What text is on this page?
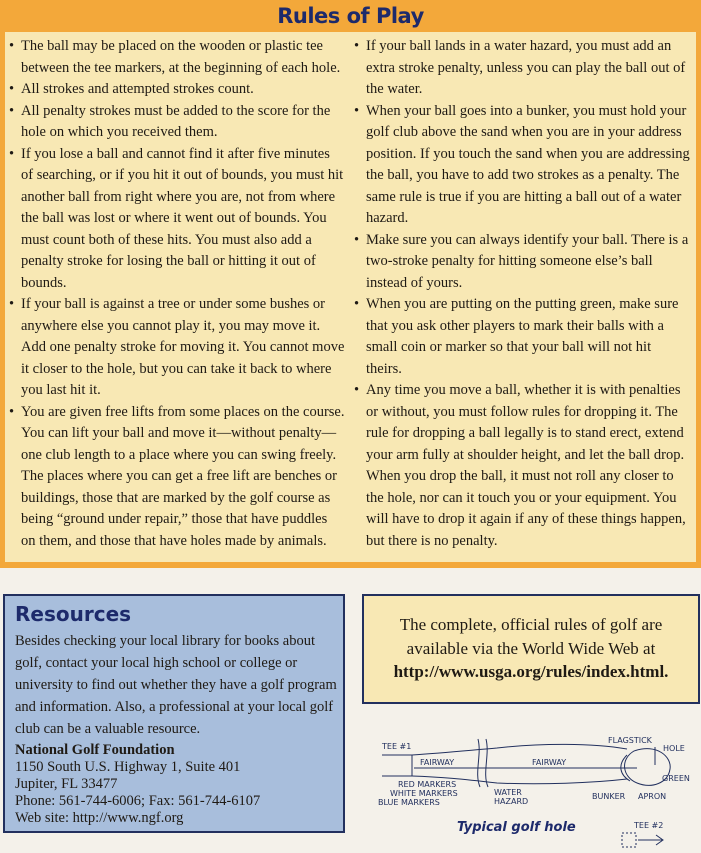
Rules of Play
• The ball may be placed on the wooden or plastic tee between the tee markers, at the beginning of each hole.
• All strokes and attempted strokes count.
• All penalty strokes must be added to the score for the hole on which you received them.
• If you lose a ball and cannot find it after five minutes of searching, or if you hit it out of bounds, you must hit another ball from right where you are, not from where the ball was lost or where it went out of bounds. You must count both of these hits. You must also add a penalty stroke for losing the ball or hitting it out of bounds.
• If your ball is against a tree or under some bushes or anywhere else you cannot play it, you may move it. Add one penalty stroke for moving it. You cannot move it closer to the hole, but you can take it back to where you last hit it.
• You are given free lifts from some places on the course. You can lift your ball and move it—without penalty—one club length to a place where you can swing freely. The places where you can get a free lift are benches or buildings, those that are marked by the golf course as being “ground under repair,” those that have puddles on them, and those that have holes made by animals.
• If your ball lands in a water hazard, you must add an extra stroke penalty, unless you can play the ball out of the water.
• When your ball goes into a bunker, you must hold your golf club above the sand when you are in your address position. If you touch the sand when you are addressing the ball, you have to add two strokes as a penalty. The same rule is true if you are hitting a ball out of a water hazard.
• Make sure you can always identify your ball. There is a two-stroke penalty for hitting someone else’s ball instead of yours.
• When you are putting on the putting green, make sure that you ask other players to mark their balls with a small coin or marker so that your ball will not hit theirs.
• Any time you move a ball, whether it is with penalties or without, you must follow rules for dropping it. The rule for dropping a ball legally is to stand erect, extend your arm fully at shoulder height, and let the ball drop. When you drop the ball, it must not roll any closer to the hole, nor can it touch you or your equipment. You will have to drop it again if any of these things happen, but there is no penalty.
Resources
Besides checking your local library for books about golf, contact your local high school or college or university to find out whether they have a golf program and information. Also, a professional at your local golf club can be a valuable resource.
National Golf Foundation
1150 South U.S. Highway 1, Suite 401
Jupiter, FL 33477
Phone: 561-744-6006; Fax: 561-744-6107
Web site: http://www.ngf.org
The complete, official rules of golf are
available via the World Wide Web at
http://www.usga.org/rules/index.html.
TEE #1
FAIRWAY	FAIRWAY
RED MARKERS
WHITE MARKERS
BLUE MARKERS
WATER
HAZARD
FLAGSTICK
HOLE
GREEN
APRON
BUNKER
TEE #2
Typical golf hole
